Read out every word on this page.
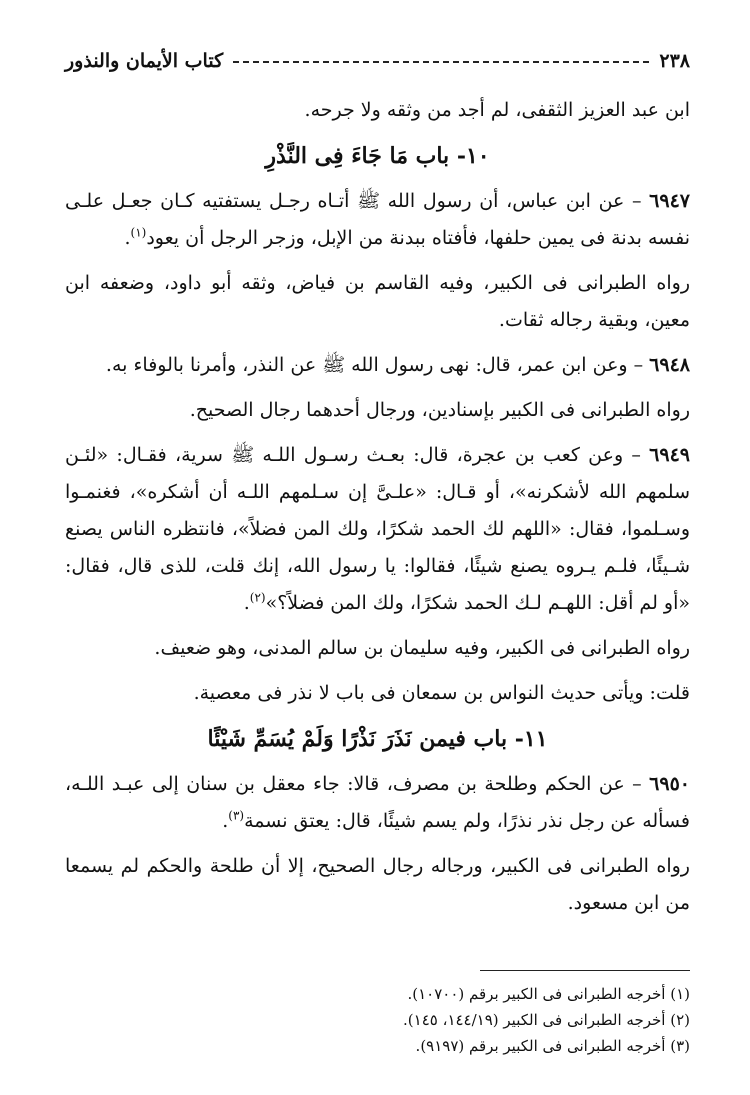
٢٣٨
كتاب الأيمان والنذور

ابن عبد العزيز الثقفى، لم أجد من وثقه ولا جرحه.

١٠- باب مَا جَاءَ فِى النَّذْرِ

٦٩٤٧ – عن ابن عباس، أن رسول الله ﷺ أتـاه رجـل يستفتيه كـان جعـل علـى نفسه بدنة فى يمين حلفها، فأفتاه ببدنة من الإبل، وزجر الرجل أن يعود$^{(١)}$.

رواه الطبرانى فى الكبير، وفيه القاسم بن فياض، وثقه أبو داود، وضعفه ابن معين، وبقية رجاله ثقات.

٦٩٤٨ – وعن ابن عمر، قال: نهى رسول الله ﷺ عن النذر، وأمرنا بالوفاء به.

رواه الطبرانى فى الكبير بإسنادين، ورجال أحدهما رجال الصحيح.

٦٩٤٩ – وعن كعب بن عجرة، قال: بعـث رسـول اللـه ﷺ سرية، فقـال: «لئـن سلمهم الله لأشكرنه»، أو قـال: «علـىَّ إن سـلمهم اللـه أن أشكره»، فغنمـوا وسـلموا، فقال: «اللهم لك الحمد شكرًا، ولك المن فضلاً»، فانتظره الناس يصنع شـيئًا، فلـم يـروه يصنع شيئًا، فقالوا: يا رسول الله، إنك قلت، للذى قال، فقال: «أو لم أقل: اللهـم لـك الحمد شكرًا، ولك المن فضلاً؟»$^{(٢)}$.

رواه الطبرانى فى الكبير، وفيه سليمان بن سالم المدنى، وهو ضعيف.

قلت: ويأتى حديث النواس بن سمعان فى باب لا نذر فى معصية.

١١- باب فيمن نَذَرَ نَذْرًا وَلَمْ يُسَمِّ شَيْئًا

٦٩٥٠ – عن الحكم وطلحة بن مصرف، قالا: جاء معقل بن سنان إلى عبـد اللـه، فسأله عن رجل نذر نذرًا، ولم يسم شيئًا، قال: يعتق نسمة$^{(٣)}$.

رواه الطبرانى فى الكبير، ورجاله رجال الصحيح، إلا أن طلحة والحكم لم يسمعا من ابن مسعود.

(١) أخرجه الطبرانى فى الكبير برقم (١٠٧٠٠).

(٢) أخرجه الطبرانى فى الكبير (١٤٤/١٩، ١٤٥).

(٣) أخرجه الطبرانى فى الكبير برقم (٩١٩٧).
